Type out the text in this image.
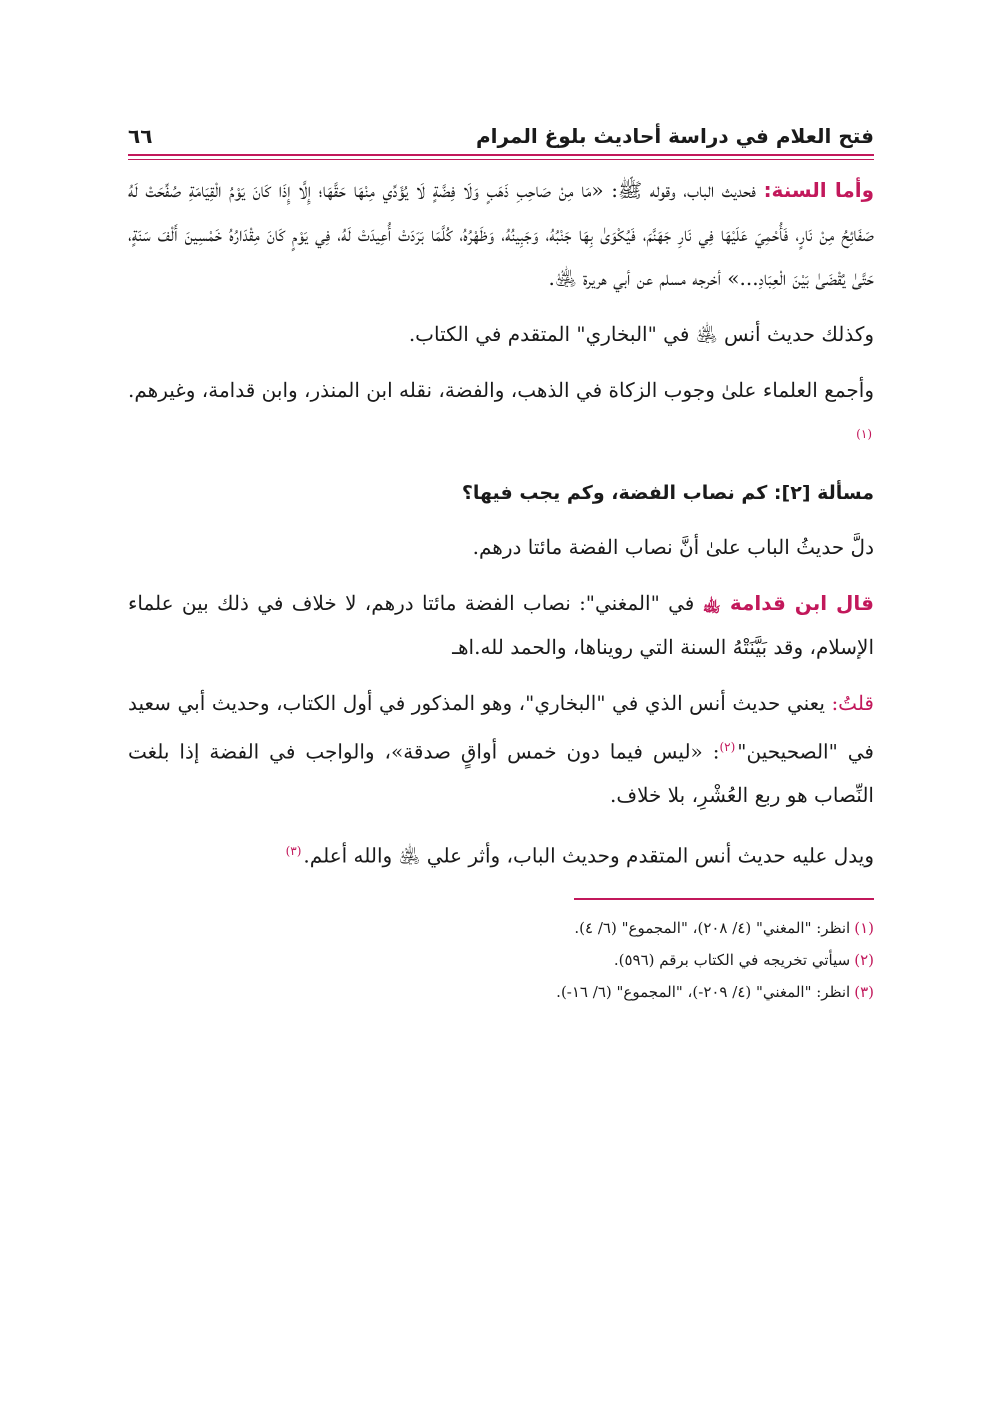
فتح العلام في دراسة أحاديث بلوغ المرام
٦٦

وأما السنة: فحديث الباب، وقوله ﷺ: «مَا مِنْ صَاحِبِ ذَهَبٍ وَلَا فِضَّةٍ لَا يُؤَدِّي مِنْهَا حَقَّهَا؛ إِلَّا إِذَا كَانَ يَوْمُ الْقِيَامَةِ صُفِّحَتْ لَهُ صَفَائِحُ مِنْ نَارٍ، فَأُحْمِيَ عَلَيْهَا فِي نَارِ جَهَنَّمَ، فَيُكْوَىٰ بِهَا جَنْبُهُ، وَجَبِينُهُ، وَظَهْرُهُ، كُلَّمَا بَرَدَتْ أُعِيدَتْ لَهُ، فِي يَوْمٍ كَانَ مِقْدَارُهُ خَمْسِينَ أَلْفَ سَنَةٍ، حَتَّىٰ يُقْضَىٰ بَيْنَ الْعِبَادِ...» أخرجه مسلم عن أبي هريرة ﵁.

وكذلك حديث أنس ﵁ في "البخاري" المتقدم في الكتاب.

وأجمع العلماء علىٰ وجوب الزكاة في الذهب، والفضة، نقله ابن المنذر، وابن قدامة، وغيرهم.$^{(١)}$

مسألة [٢]: كم نصاب الفضة، وكم يجب فيها؟

دلَّ حديثُ الباب علىٰ أنَّ نصاب الفضة مائتا درهم.

قال ابن قدامة ﵀ في "المغني": نصاب الفضة مائتا درهم، لا خلاف في ذلك بين علماء الإسلام، وقد بَيَّنَتْهُ السنة التي رويناها، والحمد لله.اهـ

قلتُ: يعني حديث أنس الذي في "البخاري"، وهو المذكور في أول الكتاب، وحديث أبي سعيد في "الصحيحين"$^{(٢)}$: «ليس فيما دون خمس أواقٍ صدقة»، والواجب في الفضة إذا بلغت النِّصاب هو ربع العُشْرِ، بلا خلاف.

ويدل عليه حديث أنس المتقدم وحديث الباب، وأثر علي ﵁ والله أعلم.$^{(٣)}$

(١)انظر: "المغني" (٤/ ٢٠٨)، "المجموع" (٦/ ٤).
(٢)سيأتي تخريجه في الكتاب برقم (٥٩٦).
(٣)انظر: "المغني" (٤/ ٢٠٩-)، "المجموع" (٦/ ١٦-).
